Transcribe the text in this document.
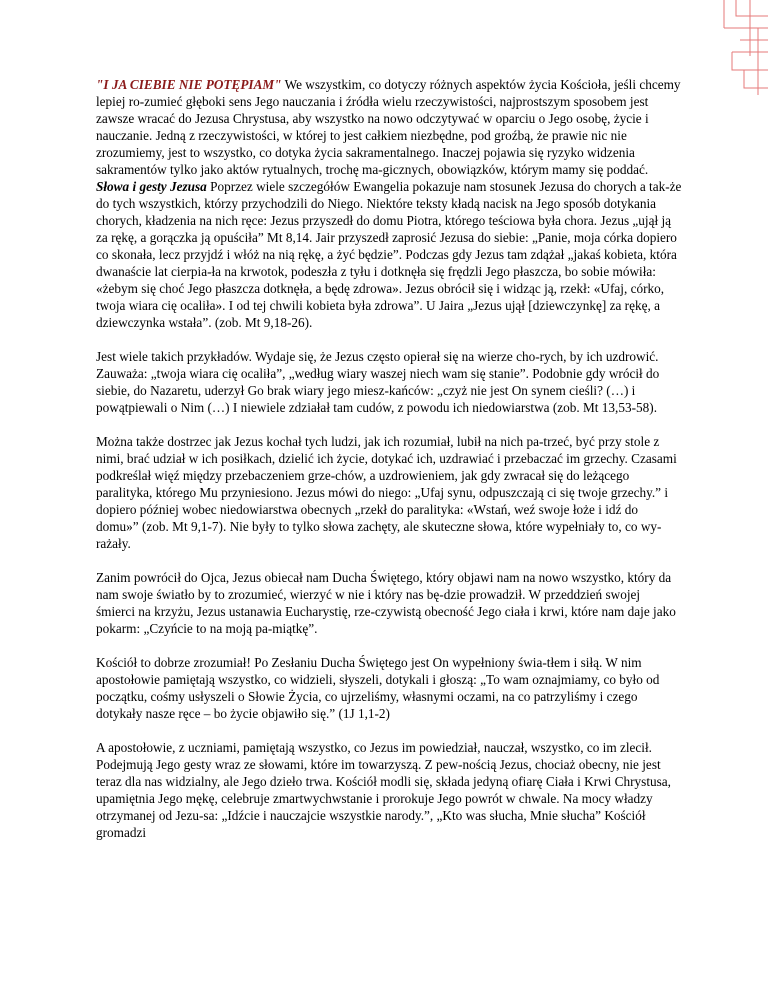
"I JA CIEBIE NIE POTĘPIAM" We wszystkim, co dotyczy różnych aspektów życia Kościoła, jeśli chcemy lepiej ro-zumieć głęboki sens Jego nauczania i źródła wielu rzeczywistości, najprostszym sposobem jest zawsze wracać do Jezusa Chrystusa, aby wszystko na nowo odczytywać w oparciu o Jego osobę, życie i nauczanie. Jedną z rzeczywistości, w której to jest całkiem niezbędne, pod groźbą, że prawie nic nie zrozumiemy, jest to wszystko, co dotyka życia sakramentalnego. Inaczej pojawia się ryzyko widzenia sakramentów tylko jako aktów rytualnych, trochę ma-gicznych, obowiązków, którym mamy się poddać. Słowa i gesty Jezusa Poprzez wiele szczegółów Ewangelia pokazuje nam stosunek Jezusa do chorych a tak-że do tych wszystkich, którzy przychodzili do Niego. Niektóre teksty kładą nacisk na Jego sposób dotykania chorych, kładzenia na nich ręce: Jezus przyszedł do domu Piotra, którego teściowa była chora. Jezus „ujął ją za rękę, a gorączka ją opuściła” Mt 8,14. Jair przyszedł zaprosić Jezusa do siebie: „Panie, moja córka dopiero co skonała, lecz przyjdź i włóż na nią rękę, a żyć będzie”. Podczas gdy Jezus tam zdążał „jakaś kobieta, która dwanaście lat cierpia-ła na krwotok, podeszła z tyłu i dotknęła się frędzli Jego płaszcza, bo sobie mówiła: «żebym się choć Jego płaszcza dotknęła, a będę zdrowa». Jezus obrócił się i widząc ją, rzekł: «Ufaj, córko, twoja wiara cię ocaliła». I od tej chwili kobieta była zdrowa”. U Jaira „Jezus ujął [dziewczynkę] za rękę, a dziewczynka wstała”. (zob. Mt 9,18-26).

Jest wiele takich przykładów. Wydaje się, że Jezus często opierał się na wierze cho-rych, by ich uzdrowić. Zauważa: „twoja wiara cię ocaliła”, „według wiary waszej niech wam się stanie”. Podobnie gdy wrócił do siebie, do Nazaretu, uderzył Go brak wiary jego miesz-kańców: „czyż nie jest On synem cieśli? (…) i powątpiewali o Nim (…) I niewiele zdziałał tam cudów, z powodu ich niedowiarstwa (zob. Mt 13,53-58).

Można także dostrzec jak Jezus kochał tych ludzi, jak ich rozumiał, lubił na nich pa-trzeć, być przy stole z nimi, brać udział w ich posiłkach, dzielić ich życie, dotykać ich, uzdrawiać i przebaczać im grzechy. Czasami podkreślał więź między przebaczeniem grze-chów, a uzdrowieniem, jak gdy zwracał się do leżącego paralityka, którego Mu przyniesiono. Jezus mówi do niego: „Ufaj synu, odpuszczają ci się twoje grzechy.” i dopiero później wobec niedowiarstwa obecnych „rzekł do paralityka: «Wstań, weź swoje łoże i idź do domu»” (zob. Mt 9,1-7). Nie były to tylko słowa zachęty, ale skuteczne słowa, które wypełniały to, co wy-rażały.

Zanim powrócił do Ojca, Jezus obiecał nam Ducha Świętego, który objawi nam na nowo wszystko, który da nam swoje światło by to zrozumieć, wierzyć w nie i który nas bę-dzie prowadził. W przeddzień swojej śmierci na krzyżu, Jezus ustanawia Eucharystię, rze-czywistą obecność Jego ciała i krwi, które nam daje jako pokarm: „Czyńcie to na moją pa-miątkę”.

Kościół to dobrze zrozumiał! Po Zesłaniu Ducha Świętego jest On wypełniony świa-tłem i siłą. W nim apostołowie pamiętają wszystko, co widzieli, słyszeli, dotykali i głoszą: „To wam oznajmiamy, co było od początku, cośmy usłyszeli o Słowie Życia, co ujrzeliśmy, własnymi oczami, na co patrzyliśmy i czego dotykały nasze ręce – bo życie objawiło się.” (1J 1,1-2)

A apostołowie, z uczniami, pamiętają wszystko, co Jezus im powiedział, nauczał, wszystko, co im zlecił. Podejmują Jego gesty wraz ze słowami, które im towarzyszą. Z pew-nością Jezus, chociaż obecny, nie jest teraz dla nas widzialny, ale Jego dzieło trwa. Kościół modli się, składa jedyną ofiarę Ciała i Krwi Chrystusa, upamiętnia Jego mękę, celebruje zmartwychwstanie i prorokuje Jego powrót w chwale. Na mocy władzy otrzymanej od Jezu-sa: „Idźcie i nauczajcie wszystkie narody.”, „Kto was słucha, Mnie słucha” Kościół gromadzi
